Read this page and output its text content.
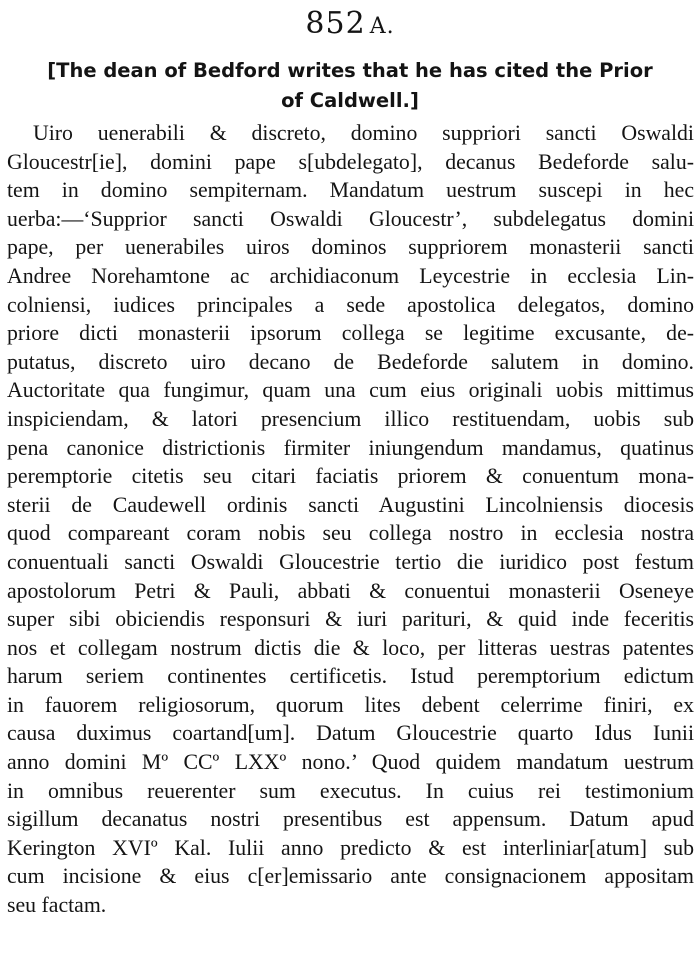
852 A.
[The dean of Bedford writes that he has cited the Prior
of Caldwell.]
Uiro uenerabili & discreto, domino suppriori sancti Oswaldi
Gloucestr[ie], domini pape s[ubdelegato], decanus Bedeforde salu-
tem in domino sempiternam. Mandatum uestrum suscepi in hec
uerba:—‘Supprior sancti Oswaldi Gloucestr’, subdelegatus domini
pape, per uenerabiles uiros dominos suppriorem monasterii sancti
Andree Norehamtone ac archidiaconum Leycestrie in ecclesia Lin-
colniensi, iudices principales a sede apostolica delegatos, domino
priore dicti monasterii ipsorum collega se legitime excusante, de-
putatus, discreto uiro decano de Bedeforde salutem in domino.
Auctoritate qua fungimur, quam una cum eius originali uobis mittimus
inspiciendam, & latori presencium illico restituendam, uobis sub
pena canonice districtionis firmiter iniungendum mandamus, quatinus
peremptorie citetis seu citari faciatis priorem & conuentum mona-
sterii de Caudewell ordinis sancti Augustini Lincolniensis diocesis
quod compareant coram nobis seu collega nostro in ecclesia nostra
conuentuali sancti Oswaldi Gloucestrie tertio die iuridico post festum
apostolorum Petri & Pauli, abbati & conuentui monasterii Oseneye
super sibi obiciendis responsuri & iuri parituri, & quid inde feceritis
nos et collegam nostrum dictis die & loco, per litteras uestras patentes
harum seriem continentes certificetis. Istud peremptorium edictum
in fauorem religiosorum, quorum lites debent celerrime finiri, ex
causa duximus coartand[um]. Datum Gloucestrie quarto Idus Iunii
anno domini Mº CCº LXXº nono.’ Quod quidem mandatum uestrum
in omnibus reuerenter sum executus. In cuius rei testimonium
sigillum decanatus nostri presentibus est appensum. Datum apud
Kerington XVIº Kal. Iulii anno predicto & est interliniar[atum] sub
cum incisione & eius c[er]emissario ante consignacionem appositam
seu factam.
